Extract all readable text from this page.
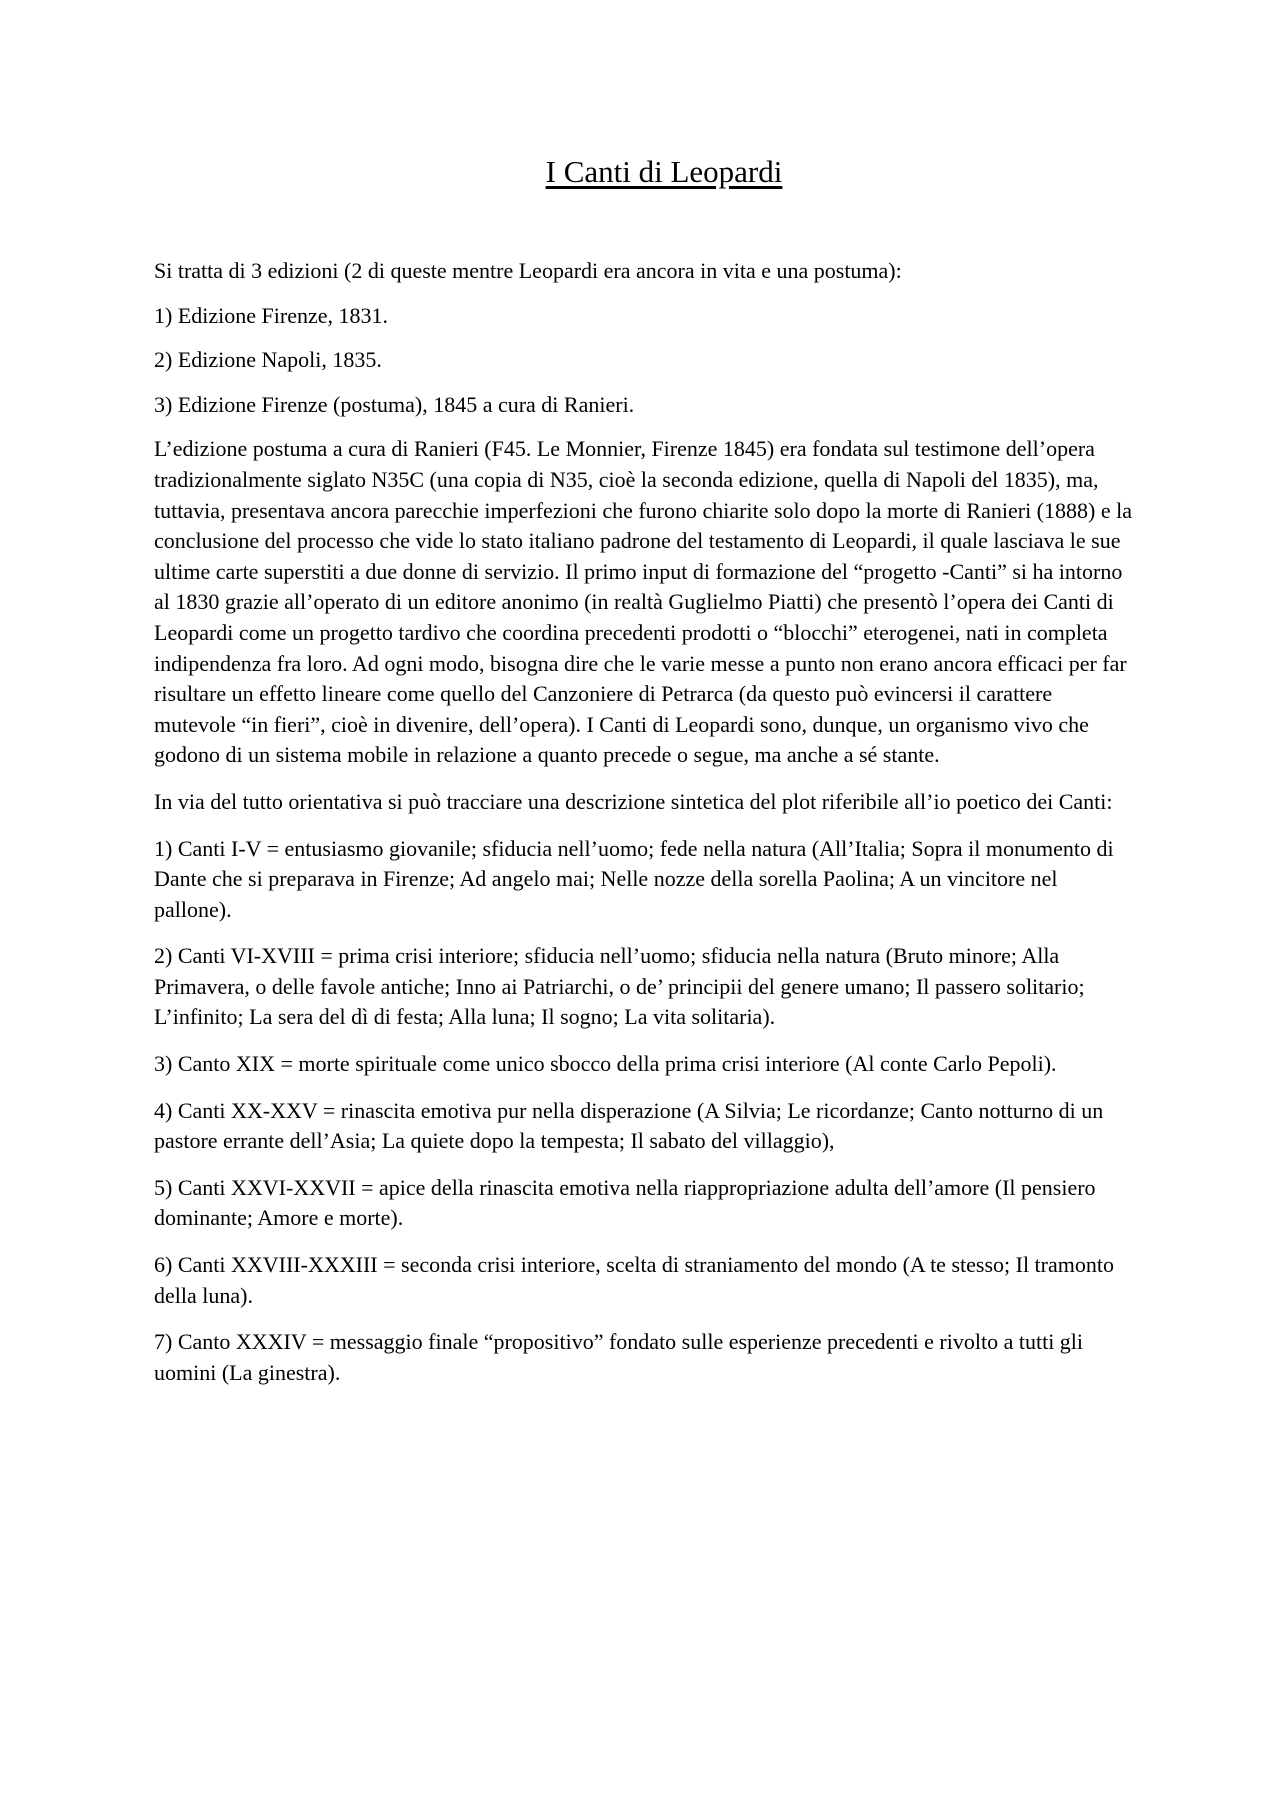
I Canti di Leopardi

Si tratta di 3 edizioni (2 di queste mentre Leopardi era ancora in vita e una postuma):

1) Edizione Firenze, 1831.

2) Edizione Napoli, 1835.

3) Edizione Firenze (postuma), 1845 a cura di Ranieri.

L’edizione postuma a cura di Ranieri (F45. Le Monnier, Firenze 1845) era fondata sul testimone dell’opera tradizionalmente siglato N35C (una copia di N35, cioè la seconda edizione, quella di Napoli del 1835), ma, tuttavia, presentava ancora parecchie imperfezioni che furono chiarite solo dopo la morte di Ranieri (1888) e la conclusione del processo che vide lo stato italiano padrone del testamento di Leopardi, il quale lasciava le sue ultime carte superstiti a due donne di servizio. Il primo input di formazione del “progetto -Canti” si ha intorno al 1830 grazie all’operato di un editore anonimo (in realtà Guglielmo Piatti) che presentò l’opera dei Canti di Leopardi come un progetto tardivo che coordina precedenti prodotti o “blocchi” eterogenei, nati in completa indipendenza fra loro. Ad ogni modo, bisogna dire che le varie messe a punto non erano ancora efficaci per far risultare un effetto lineare come quello del Canzoniere di Petrarca (da questo può evincersi il carattere mutevole “in fieri”, cioè in divenire, dell’opera). I Canti di Leopardi sono, dunque, un organismo vivo che godono di un sistema mobile in relazione a quanto precede o segue, ma anche a sé stante.

In via del tutto orientativa si può tracciare una descrizione sintetica del plot riferibile all’io poetico dei Canti:

1) Canti I-V = entusiasmo giovanile; sfiducia nell’uomo; fede nella natura (All’Italia; Sopra il monumento di Dante che si preparava in Firenze; Ad angelo mai; Nelle nozze della sorella Paolina; A un vincitore nel pallone).

2) Canti VI-XVIII = prima crisi interiore; sfiducia nell’uomo; sfiducia nella natura (Bruto minore; Alla Primavera, o delle favole antiche; Inno ai Patriarchi, o de’ principii del genere umano; Il passero solitario; L’infinito; La sera del dì di festa; Alla luna; Il sogno; La vita solitaria).

3) Canto XIX = morte spirituale come unico sbocco della prima crisi interiore (Al conte Carlo Pepoli).

4) Canti XX-XXV = rinascita emotiva pur nella disperazione (A Silvia; Le ricordanze; Canto notturno di un pastore errante dell’Asia; La quiete dopo la tempesta; Il sabato del villaggio),

5) Canti XXVI-XXVII = apice della rinascita emotiva nella riappropriazione adulta dell’amore (Il pensiero dominante; Amore e morte).

6) Canti XXVIII-XXXIII = seconda crisi interiore, scelta di straniamento del mondo (A te stesso; Il tramonto della luna).

7) Canto XXXIV = messaggio finale “propositivo” fondato sulle esperienze precedenti e rivolto a tutti gli uomini (La ginestra).
